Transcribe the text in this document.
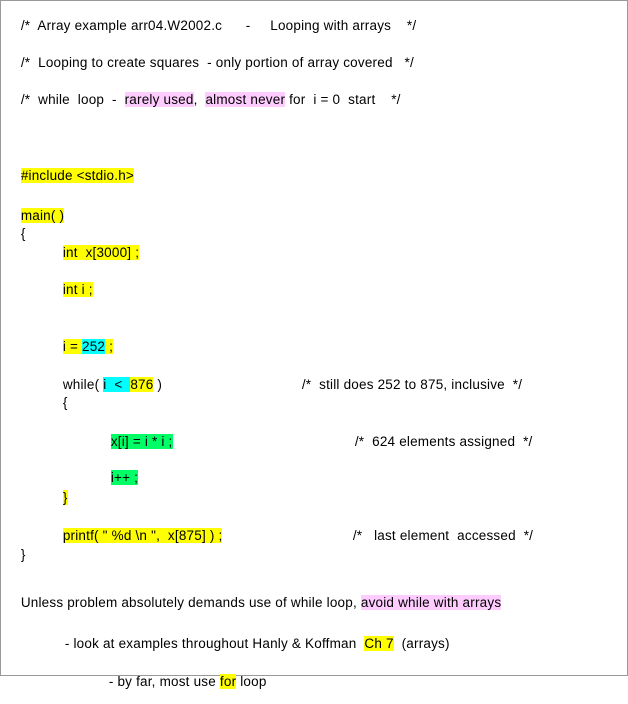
/*  Array example arr04.W2002.c      -     Looping with arrays    */

/*  Looping to create squares  - only portion of array covered   */

/*  while  loop  -  rarely used,  almost never for  i = 0  start    */

#include <stdio.h>

main( )

{

int  x[3000] ;

int i ;

i = 252 ;

while( i  <  876 )
	/*  still does 252 to 875, inclusive  */

{

x[i] = i * i ;
	/*  624 elements assigned  */

i++ ;

}

printf( " %d \n ",  x[875] ) ;
	/*   last element  accessed  */

}

Unless problem absolutely demands use of while loop, avoid while with arrays

- look at examples throughout Hanly & Koffman  Ch 7  (arrays)

- by far, most use for loop
